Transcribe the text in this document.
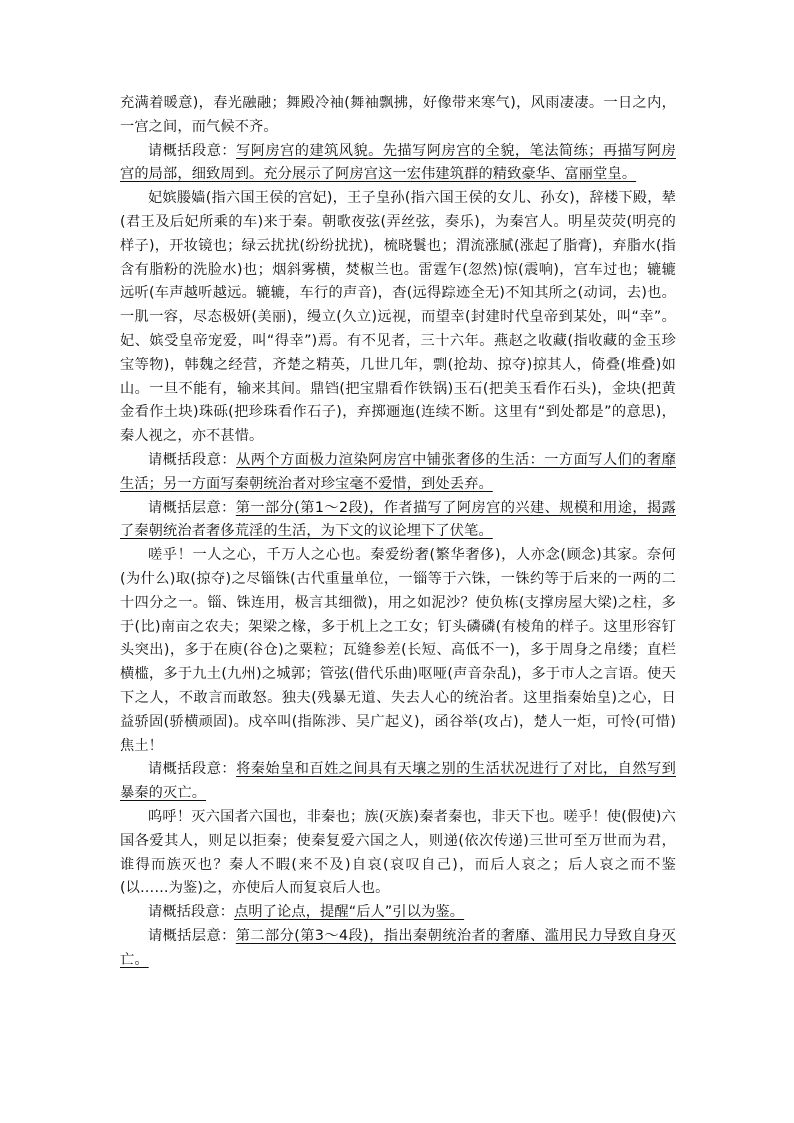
充满着暖意)，春光融融；舞殿冷袖(舞袖飘拂，好像带来寒气)，风雨凄凄。一日之内，一宫之间，而气候不齐。

请概括段意：写阿房宫的建筑风貌。先描写阿房宫的全貌，笔法简练；再描写阿房宫的局部，细致周到。充分展示了阿房宫这一宏伟建筑群的精致豪华、富丽堂皇。

妃嫔媵嫱(指六国王侯的宫妃)，王子皇孙(指六国王侯的女儿、孙女)，辞楼下殿，辇(君王及后妃所乘的车)来于秦。朝歌夜弦(弄丝弦，奏乐)，为秦宫人。明星荧荧(明亮的样子)，开妆镜也；绿云扰扰(纷纷扰扰)，梳晓鬟也；渭流涨腻(涨起了脂膏)，弃脂水(指含有脂粉的洗脸水)也；烟斜雾横，焚椒兰也。雷霆乍(忽然)惊(震响)，宫车过也；辘辘远听(车声越听越远。辘辘，车行的声音)，杳(远得踪迹全无)不知其所之(动词，去)也。一肌一容，尽态极妍(美丽)，缦立(久立)远视，而望幸(封建时代皇帝到某处，叫“幸”。妃、嫔受皇帝宠爱，叫“得幸”)焉。有不见者，三十六年。燕赵之收藏(指收藏的金玉珍宝等物)，韩魏之经营，齐楚之精英，几世几年，剽(抢劫、掠夺)掠其人，倚叠(堆叠)如山。一旦不能有，输来其间。鼎铛(把宝鼎看作铁锅)玉石(把美玉看作石头)，金块(把黄金看作土块)珠砾(把珍珠看作石子)，弃掷逦迤(连续不断。这里有“到处都是”的意思)，秦人视之，亦不甚惜。

请概括段意：从两个方面极力渲染阿房宫中铺张奢侈的生活：一方面写人们的奢靡生活；另一方面写秦朝统治者对珍宝毫不爱惜，到处丢弃。

请概括层意：第一部分(第1～2段)，作者描写了阿房宫的兴建、规模和用途，揭露了秦朝统治者奢侈荒淫的生活，为下文的议论埋下了伏笔。

嗟乎！一人之心，千万人之心也。秦爱纷奢(繁华奢侈)，人亦念(顾念)其家。奈何(为什么)取(掠夺)之尽锱铢(古代重量单位，一锱等于六铢，一铢约等于后来的一两的二十四分之一。锱、铢连用，极言其细微)，用之如泥沙？使负栋(支撑房屋大梁)之柱，多于(比)南亩之农夫；架梁之椽，多于机上之工女；钉头磷磷(有棱角的样子。这里形容钉头突出)，多于在庾(谷仓)之粟粒；瓦缝参差(长短、高低不一)，多于周身之帛缕；直栏横槛，多于九土(九州)之城郭；管弦(借代乐曲)呕哑(声音杂乱)，多于市人之言语。使天下之人，不敢言而敢怒。独夫(残暴无道、失去人心的统治者。这里指秦始皇)之心，日益骄固(骄横顽固)。戍卒叫(指陈涉、吴广起义)，函谷举(攻占)，楚人一炬，可怜(可惜)焦土！

请概括段意：将秦始皇和百姓之间具有天壤之别的生活状况进行了对比，自然写到暴秦的灭亡。

呜呼！灭六国者六国也，非秦也；族(灭族)秦者秦也，非天下也。嗟乎！使(假使)六国各爱其人，则足以拒秦；使秦复爱六国之人，则递(依次传递)三世可至万世而为君，谁得而族灭也？秦人不暇(来不及)自哀(哀叹自己)，而后人哀之；后人哀之而不鉴(以……为鉴)之，亦使后人而复哀后人也。

请概括段意：点明了论点，提醒“后人”引以为鉴。

请概括层意：第二部分(第3～4段)，指出秦朝统治者的奢靡、滥用民力导致自身灭亡。
